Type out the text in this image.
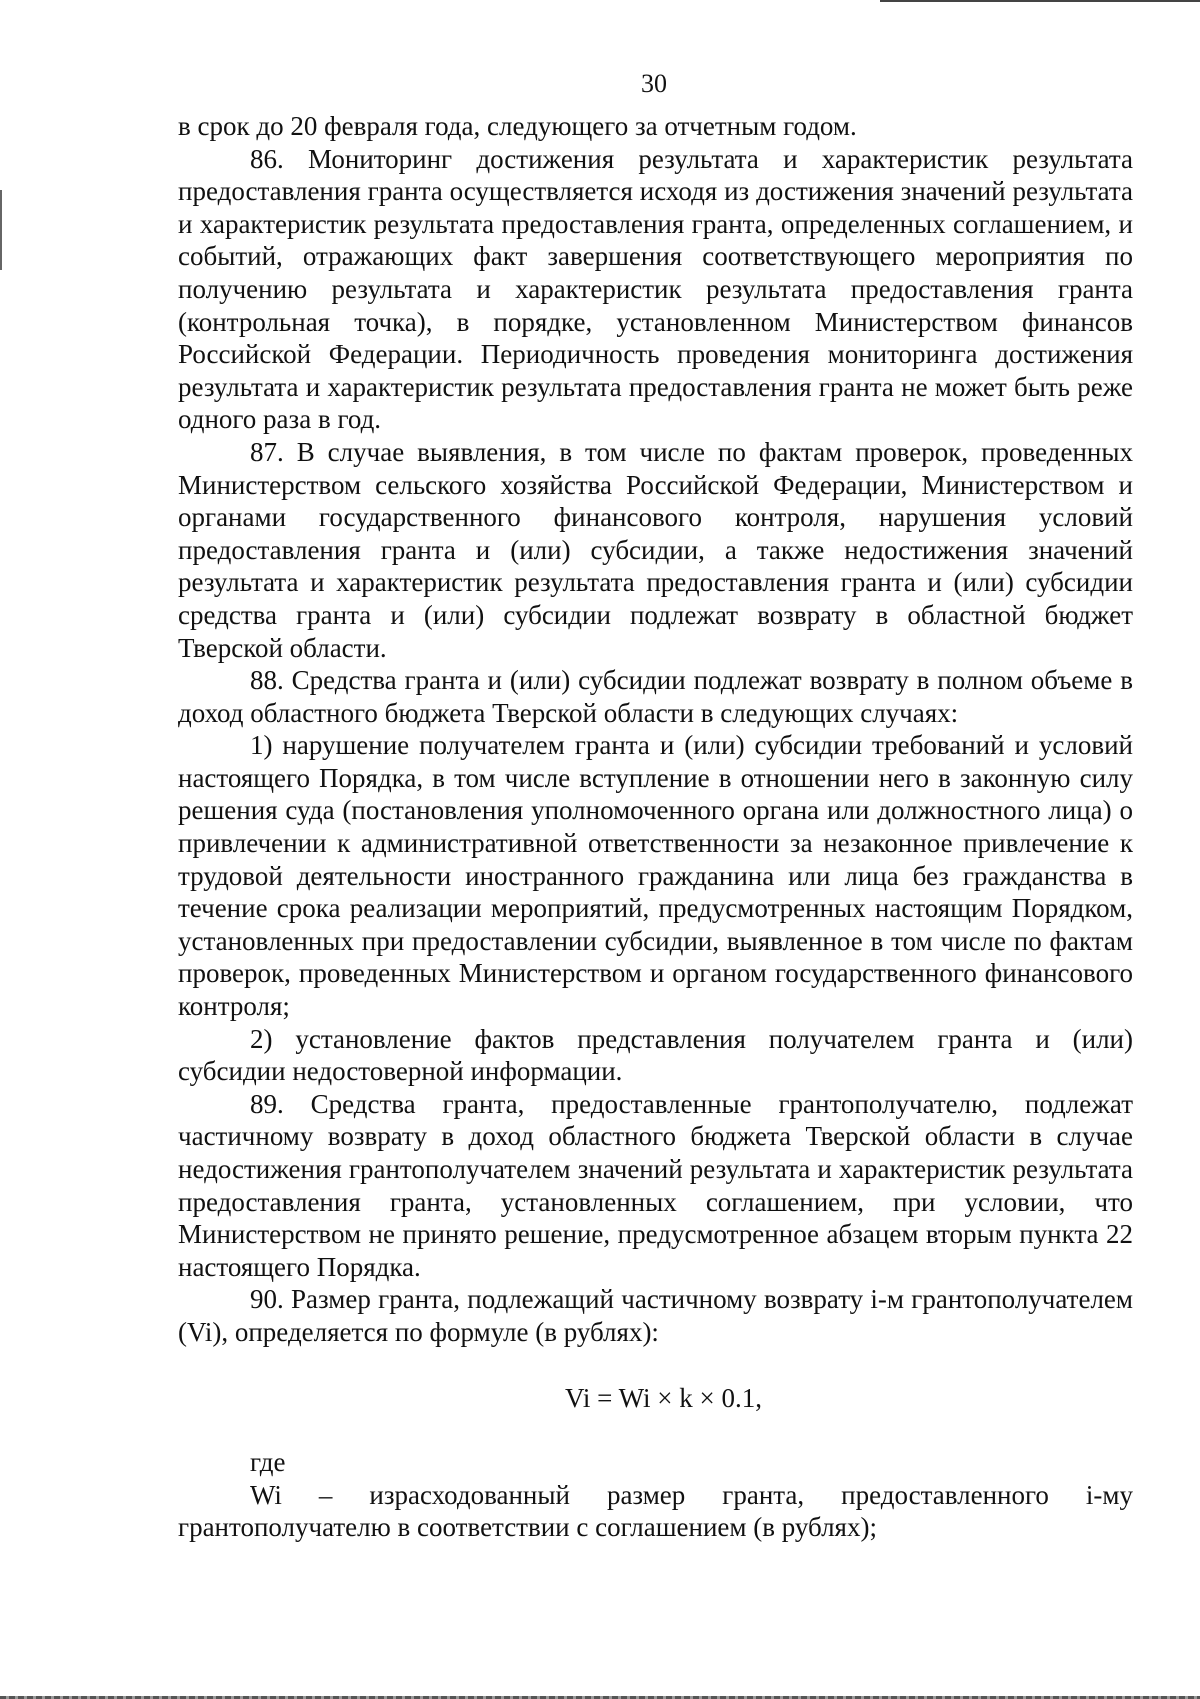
30

в срок до 20 февраля года, следующего за отчетным годом.

86. Мониторинг достижения результата и характеристик результата предоставления гранта осуществляется исходя из достижения значений результата и характеристик результата предоставления гранта, определенных соглашением, и событий, отражающих факт завершения соответствующего мероприятия по получению результата и характеристик результата предоставления гранта (контрольная точка), в порядке, установленном Министерством финансов Российской Федерации. Периодичность проведения мониторинга достижения результата и характеристик результата предоставления гранта не может быть реже одного раза в год.

87. В случае выявления, в том числе по фактам проверок, проведенных Министерством сельского хозяйства Российской Федерации, Министерством и органами государственного финансового контроля, нарушения условий предоставления гранта и (или) субсидии, а также недостижения значений результата и характеристик результата предоставления гранта и (или) субсидии средства гранта и (или) субсидии подлежат возврату в областной бюджет Тверской области.

88. Средства гранта и (или) субсидии подлежат возврату в полном объеме в доход областного бюджета Тверской области в следующих случаях:

1) нарушение получателем гранта и (или) субсидии требований и условий настоящего Порядка, в том числе вступление в отношении него в законную силу решения суда (постановления уполномоченного органа или должностного лица) о привлечении к административной ответственности за незаконное привлечение к трудовой деятельности иностранного гражданина или лица без гражданства в течение срока реализации мероприятий, предусмотренных настоящим Порядком, установленных при предоставлении субсидии, выявленное в том числе по фактам проверок, проведенных Министерством и органом государственного финансового контроля;

2) установление фактов представления получателем гранта и (или) субсидии недостоверной информации.

89. Средства гранта, предоставленные грантополучателю, подлежат частичному возврату в доход областного бюджета Тверской области в случае недостижения грантополучателем значений результата и характеристик результата предоставления гранта, установленных соглашением, при условии, что Министерством не принято решение, предусмотренное абзацем вторым пункта 22 настоящего Порядка.

90. Размер гранта, подлежащий частичному возврату i-м грантополучателем (Vi), определяется по формуле (в рублях):

Vi = Wi × k × 0.1,

где

Wi – израсходованный размер гранта, предоставленного i-му грантополучателю в соответствии с соглашением (в рублях);
